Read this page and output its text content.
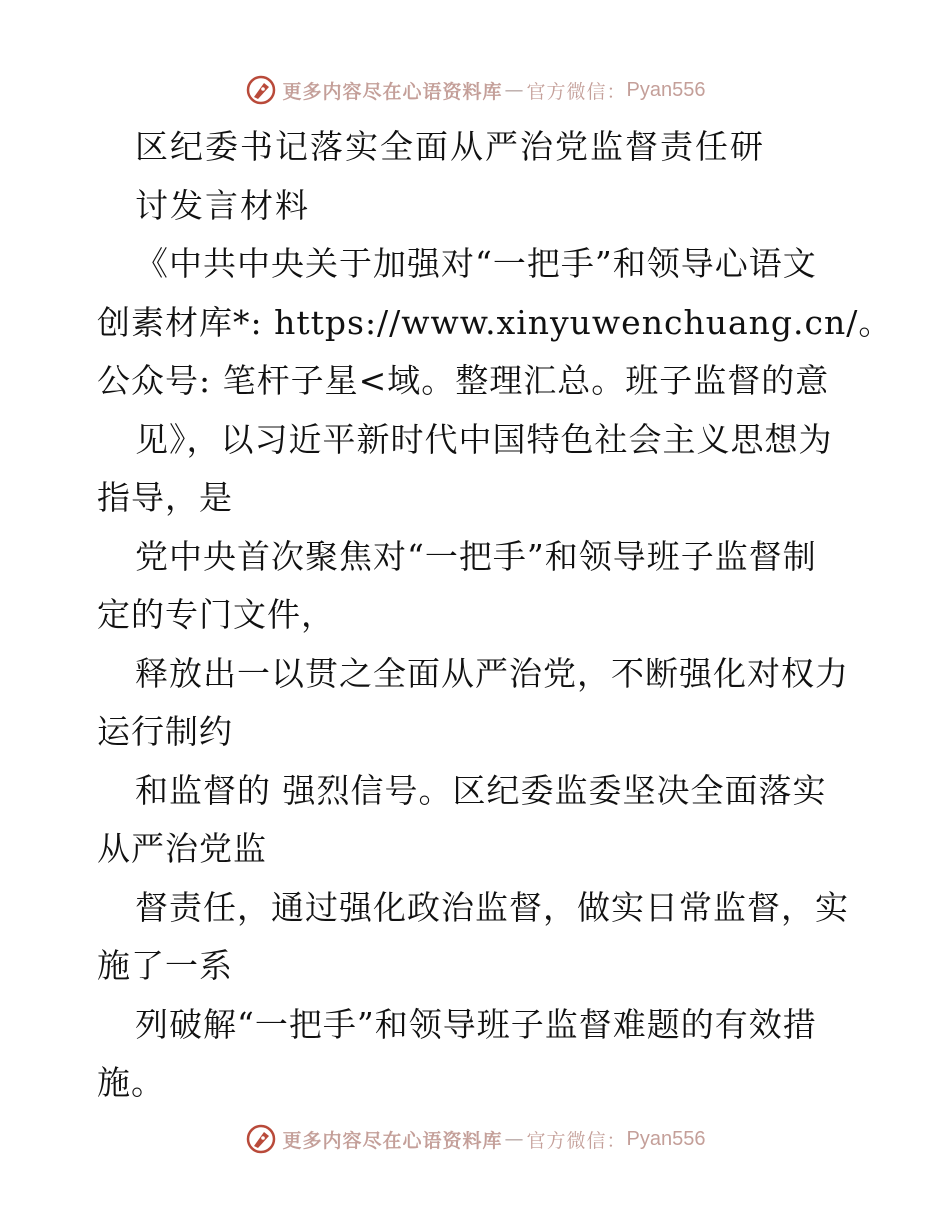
更多内容尽在心语资料库 — 官方微信： Pyan556
区纪委书记落实全面从严治党监督责任研
讨发言材料
《中共中央关于加强对“一把手”和领导心语文
创素材库*: https://www.xinyuwenchuang.cn/。
公众号: 笔杆子星<域。整理汇总。班子监督的意
见》，以习近平新时代中国特色社会主义思想为
指导，是
党中央首次聚焦对“一把手”和领导班子监督制
定的专门文件，
释放出一以贯之全面从严治党，不断强化对权力
运行制约
和监督的 强烈信号。区纪委监委坚决全面落实
从严治党监
督责任，通过强化政治监督，做实日常监督，实
施了一系
列破解“一把手”和领导班子监督难题的有效措
施。
更多内容尽在心语资料库 — 官方微信： Pyan556
